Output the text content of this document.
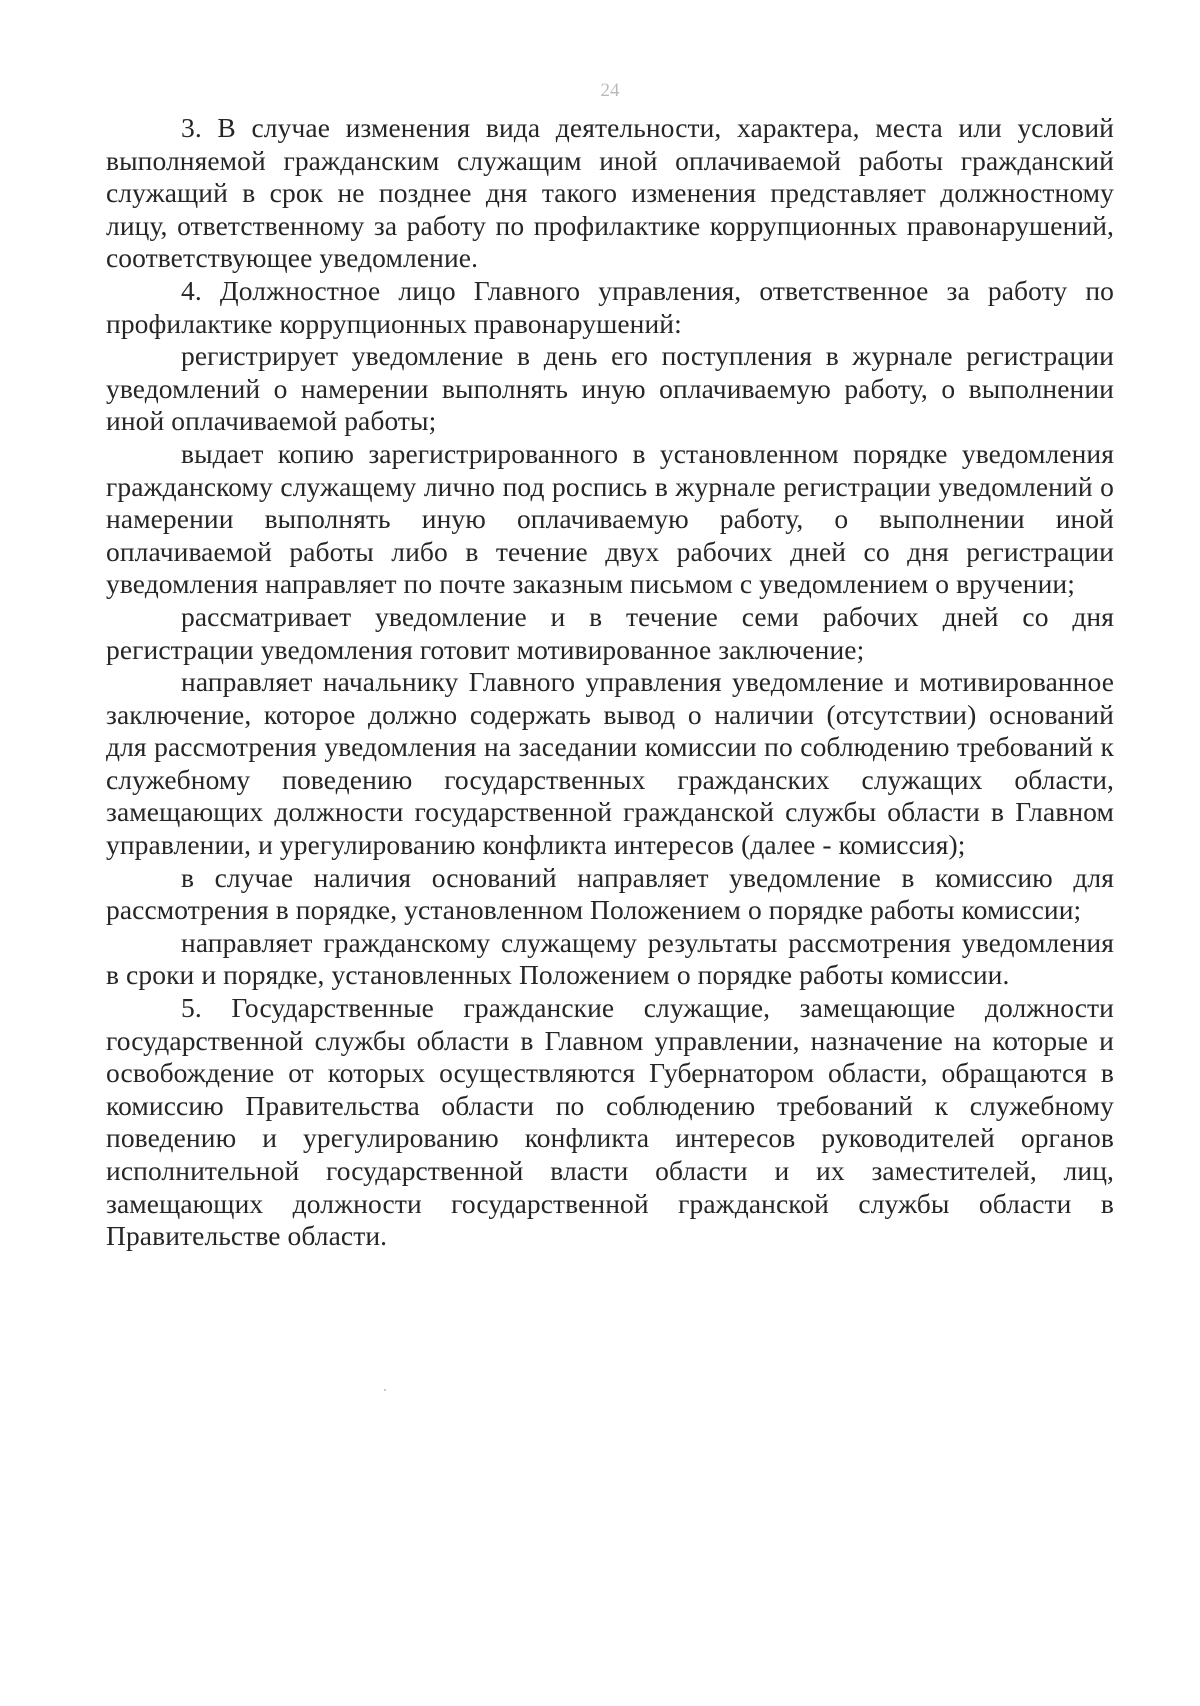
24

3. В случае изменения вида деятельности, характера, места или условий выполняемой гражданским служащим иной оплачиваемой работы гражданский служащий в срок не позднее дня такого изменения представляет должностному лицу, ответственному за работу по профилактике коррупционных правонарушений, соответствующее уведомление.

4. Должностное лицо Главного управления, ответственное за работу по профилактике коррупционных правонарушений:

регистрирует уведомление в день его поступления в журнале регистрации уведомлений о намерении выполнять иную оплачиваемую работу, о выполнении иной оплачиваемой работы;

выдает копию зарегистрированного в установленном порядке уведомления гражданскому служащему лично под роспись в журнале регистрации уведомлений о намерении выполнять иную оплачиваемую работу, о выполнении иной оплачиваемой работы либо в течение двух рабочих дней со дня регистрации уведомления направляет по почте заказным письмом с уведомлением о вручении;

рассматривает уведомление и в течение семи рабочих дней со дня регистрации уведомления готовит мотивированное заключение;

направляет начальнику Главного управления уведомление и мотивированное заключение, которое должно содержать вывод о наличии (отсутствии) оснований для рассмотрения уведомления на заседании комиссии по соблюдению требований к служебному поведению государственных гражданских служащих области, замещающих должности государственной гражданской службы области в Главном управлении, и урегулированию конфликта интересов (далее - комиссия);

в случае наличия оснований направляет уведомление в комиссию для рассмотрения в порядке, установленном Положением о порядке работы комиссии;

направляет гражданскому служащему результаты рассмотрения уведомления в сроки и порядке, установленных Положением о порядке работы комиссии.

5. Государственные гражданские служащие, замещающие должности государственной службы области в Главном управлении, назначение на которые и освобождение от которых осуществляются Губернатором области, обращаются в комиссию Правительства области по соблюдению требований к служебному поведению и урегулированию конфликта интересов руководителей органов исполнительной государственной власти области и их заместителей, лиц, замещающих должности государственной гражданской службы области в Правительстве области.
